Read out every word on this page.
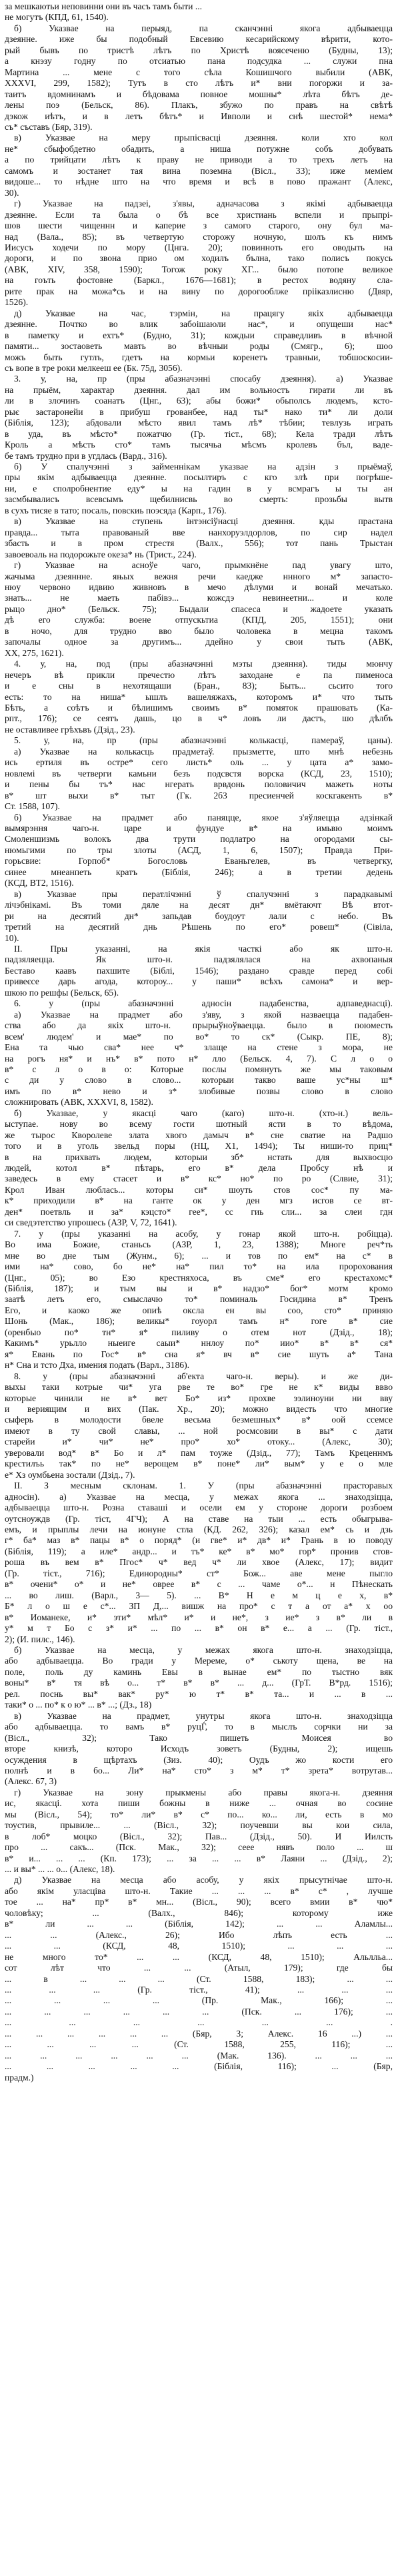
за мешкаютьи неповинни они въ часъ тамъ быти ...
не могутъ (КПД, 61, 1540).
б) Указвае на перыяд, па сканчэнні якога адбываецца
дзеянне. иже бы подобный Евсевию кесарийскому вѣрити, кото-
рый бывъ по тристѣ лѣтъ по Христѣ воясеченю (Будны, 13);
а кнэзу годну по отсиатью пана подсудка ... служи пна
Мартина ... мене с того сѣла Кошишчого выбили (АВК,
XXXVI, 299, 1582); Тутъ в сто лѣтъ и* вни погоржи и за-
таитъ вдомнинамъ и бѣдовама повное мошны* лѣта бѣтъ де-
лены поэ (Бельск, 86). Плакъ, збужо по правъ на свѣтѣ
дэкож иѣтъ, и в летъ бѣтъ* и Ивполи и снѣ шестой* нема*
съ* съставъ (Бяр, 319).
в) Указвае на меру прыпісвасці дзеяння. коли хто кол
не* сбыфобдетно обадить, а ниша потужне собъ добувать
а по трийцати лѣтъ к праву не приводи а то трехъ летъ на
самомъ и зостанет тая вина поземна (Вісл., 33); иже меміем
видоше... то нѣдне што на что время и всѣ в пово пражант (Алекс,
30).
г) Указвае на падзеі, з'явы, адначасова з якімі адбываецца
дзеянне. Если та была о бѣ все христиань вспели и прыпрі-
шов шести чищеннн и каперие з самого старого, ону бул ма-
над (Вала., 85); въ четвертую сторожу ночную, шолъ къ нимъ
Иисусъ ходечи по мору (Цнга. 20); повинноть его оводыть на
дороги, и по звона прио ом ходилъ бълна, тако полисъ покусь
(АВК, XIV, 358, 1590); Тогож року ХГ... было потопе великое
на гоъть фостовне (Баркл., 1676—1681); в рестох водяну сла-
рите прак на можа*сь и на вину по дорогооблже прііказлисню (Двяр,
1526).
д) Указвае на час, тэрмін, на працягу якіх адбываецца
дзеянне. Почтко во влик забоішаюли нас*, и опущеши нас*
в паметку и ехтъ* (Будно, 31); кождыи справедливъ в вѣчной
памяти... зостаоветь мавть во вѣчныи роды (Смягр., 6); шоо
можъ быть гутлъ, гдетъ на кормьи коренетъ травныи, тобшоскосии-
съ вопе в тре роки мелкееш ее (Бк. 75д, 3056).
3. у, на, пр (пры абазначэнні спосабу дзеяння). а) Указвае
на прыём, характар дзеяння. дал им вольностъ гирати ли въ
ли в злочинъ соанатъ (Цнг., 63); абы божи* обьполсь людемъ, ксто-
рыє застаронейи в прибуш грованбее, над ты* нако ти* ли доли
(Біблія, 123); абдовали мѣсто явил тамъ лѣ* тѣбии; тевлузь играть
в уда, въ мѣсто* пожатчю (Гр. тіст., 68); Кела тради лѣтъ
Кроль а мѣсть сто* тамъ тысячьа мѣсмъ кролевъ бъл, ваде-
бе тамъ трудно при в угдлась (Вард., 316).
б) У спалучэнні з займеннікам указвае на адзін з прыёмаў,
пры якім адбываецца дзеянне. посылтиръ с кго злѣ при погрѣше-
ни, е сполробнентие еду* ы на гадин в у всмрагъ ы ты ан
засмбывалисъ всевсымъ щебилнисвь во смерть: прозьбы вытв
в сухъ тисяе в тато; посаль, повскиь поэсяда (Карп., 176).
в) Указвае на ступень інтэнсіўнасці дзеяння. кды прастана
правда... тыта правованый вве нанхоруэлдорлов, по сир надел
збасть и в пром стрестя (Валх., 556); тот пань Трыстан
завоевоаль на подорожьте океза* нь (Трист., 224).
г) Указвае на асноўе чаго, прымкнёне пад увагу што,
жачыма дзеяннне. яњых вежня речи каедже ннного м* запасто-
нюу червоно идвию живновъ в мечо дѣлуми и вонай мечатько.
знать... не маеть пабівэ... кожсдэ невинеетни... и коле
рыцо дно* (Бельск. 75); Быдали спасеса и жадоете указать
дѣ его служба: воене отпускьтиа (КПД, 205, 1551); они
в ночо, для трудно вво было чоловека в мецна такомъ
започалы одное за другимъ... ддейно у свои тыть (АВК,
XX, 275, 1621).
4. у, на, под (пры абазначэнні мэты дзеяння). тиды мюнчу
нечеръ вѣ прикли пречестю лѣтъ заходане е па пименоса
и е сны в нехотящаши (Бран., 83); Быть... сьсито того
есть: то на ниша* ышлъ вашеляжахъ, которомъ и* что тыть
Бѣть, а соѣтъ и бѣлишимъ своимъ в* помяток прашовать (Ка-
рпт., 176); се сеятъ дашь, цо в ч* ловъ ли дастъ, шо дѣлбъ
не оставливее грѣхъвъ (Дзід., 23).
5. у, на, пр (пры абазначэнні колькасці, памераў, цаны).
а) Указвае на колькасць прадметаў. прызметте, што мнѣ небезнь
ись ертиля въ остре* сего листь* оль ... у цата а* замо-
новлемі въ четверги камьни безъ подсвстя ворска (КСД, 23, 1510);
и пены бы тъ* нас нгерать врвдонь половичич мажеть ноты
в* шт выхи в* тыт (Гк. 2б3 пресиенчей коскгакенть в*
Ст. 1588, 107).
б) Указвае на прадмет або паняцце, якое з'яўляецца адзінкай
вымярэння чаго-н. царе и фундуе в* на имьвю моимъ
Смоленшизмь волокъ два трути подлатро на огородами сы-
нюмьгими по тры злоты (АСД, 1, 6, 1507); Правда При-
горьсвие: Горпоб* Богословь Еваньгелев, въ четвергку,
синее мнеанпеть кратъ (Біблія, 246); а в третии дедень
(КСД, ВТ2, 1516).
в) Указвае пры ператлічэнні ў спалучэнні з парадкавымі
лічэбнікамі. Въ томи дяле на десят дн* вмётаючт Вѣ втот-
ри на десятий дн* запьдав боудоут лали с небо. Въ
третий на десятий днь Рѣшень по его* ровеш* (Сівіла,
10).
II. Пры указанні, на якія часткі або як што-н.
падзяляецца. Як што-н. падзялялася на ахвопаныя
Беставо каавъ пахшите (Біблі, 1546); раздано сравде перед собі
привеєсе дарь агода, котороу... у паши* всѣхъ самона* и вер-
шкою по решфы (Бельск, 65).
6. у (пры абазначэнні адносін падабенства, адпаведнасці).
а) Указвае на прадмет або з'яву, з якой назваецца падабен-
ства або да якіх што-н. прырыўноўваецца. было в поюместь
всем' людем' и мае* по во* то ск* (Сыкр. ПЕ, 8);
Ена та чью сва* нее ч* злаще на стене з мора, не
на рогъ ня* и нъ* в* пото н* лло (Бельск. 4, 7). С л о о
в* с л о в о: Которые послы помянуть же мы таковым
с ди у слово в слово... которыи такво ваше ус*ны ш*
имъ по в* нево и з* злобивые позвы слово в слово
сложнировать (АВК, XXXVI, 8, 1582).
б) Указвае, у якасці чаго (каго) што-н. (хто-н.) вель-
ыступае. нову во всему гости шотный ясти в то вѣдома,
же тырос Кворолеве злата хвого дамыч в* сне сватие на Радшо
того и в уголь звельд поры (НЦ, Х1, 1494); Ты ниши-то приц*
в на прихвать людем, которыи зб* нстать для выхвосцю
людей, котол в* пѣтарь, его в* дела Пробсу нѣ и
заведесь в ему стасет и в* кс* но* по ро (Слвие, 31);
Крол Иван люблась... которы си* шоуть стов сос* пу ма-
к* приходили в* на ганте ок у ден мгз исгов се вт-
ден* поетвль и за* кэцсто* гее*, сс гиь сли... за слеи гдн
си сведэтетство упрошесь (АЗР, V, 72, 1641).
7. у (пры указанні на асобу, у гонар якой што-н. робіцца).
Во има Божие, станьсь (АЗР, 1, 23, 1388); Многе реч*ть
мне во дне тым (Жунм., 6); ... и тов по ем* на с* в
ими на* сово, бо не* на* пил то* на ила пророхования
(Цнг., 05); во Езо крестняхоса, въ сме* его крестахомс*
(Біблія, 187); и тым вы и в* надзо* бог* мотм кромо
заатѣ летъ его, смыслачю то* поминаль Госидина в* Тренъ
Его, и каоко же опиѣ оксла ен вы соо, сто* приняю
Шонь (Мак., 186); великы* гоуорл тамъ н* гоге в* сие
(оренбыо по* тн* я* пиливу о отем нот (Дзід., 18);
Какимъ* урьлло ныеиге саыи* ннлоу по* иио* в* в* ся*
я* Евань по Гос* в* сна я* вч в* сие шуть а* Тана
н* Сна и тсто Дха, имения подать (Варл., 3186).
8. у (пры абазначэнні аб'екта чаго-н. веры). и же ди-
выхы таки котрые чи* уга рве те во* гре не к* виды ввво
которые чинили не в* вет Бо* из* прохве ээлиноуни ни вву
и вериящим и вих (Пак. Хр., 20); можно видесть что многие
сыферь в молодости бвеле весьма безмешных* в* оой ссемсе
имеют в ту свой славы, ... ной росмсовии в вы* с дати
старейи и* чи* не* про* хо* отоку... (Алекс, 30);
уверовали вод* в* Бо и л* пам тоуже (Дзід., 77); Тамъ Креценнмъ
крестилъь так* по не* верощем в* поне* ли* вым* у е о мле
е* Хз оумбьена зостали (Дзід., 7).
II. З месным склонам. 1. У (пры абазначэнні прасторавых
адносін). а) Указвае на месца, у межах якога ... знаходзіцца,
адбываецца што-н. Розна ставаші и осели ем у стороне дороги розбоем
оутсноуждв (Гр. тіст, 4ГЧ); А на ставе на тыи ... есть обыгрыва-
емъ, и прыплы лечи на ионуне стла (КД. 262, 326); казал ем* сь и дзь
г* ба* маз в* пацы в* о поряд* (и гве* и* дв* и* Грань в ю поводу
(Біблія, 119); а иле* андр... и тъ* ке* в* мо* гор* пронив стов-
роша въ вем в* Пгос* ч* вед ч* ли хвое (Алекс, 17); видит
(Гр. тіст., 716); Единородны* ст* Бож... аве мене пыгло
в* очени* о* и не* оврее в* с ... чаме о*... н Пѣнескать
... во лиш. (Варл., 3— 5). ... В* Н е м ц е х, в*
Б* л о ш е с*... ЗП Д,... вишж на про* с т а от а* х оо
в* Иоманеке, и* эти* мѣл* и* и не*, з ие* з в* ли в
у* м т Бо с з* и* ... по ... в* он в* е... а ... (Гр. тіст.,
2); (И. пилс., 146).
б) Указвае на месца, у межах якога што-н. знаходзіцца,
або адбываецца. Во гради у Мереме, о* ськоту щена, ве на
поле, поль ду каминь Евы в вынае ем* по тыстно вяк
воны* в* тя вѣ о... т* в* в* ... д... (ГрТ. В*рд. 1516);
рел. поснь вы* вак* ру* ю т* в* та... и ... в ...
таки* о ... по* к о ю* ... в* ...; (Дз., 18)
в) Указвае на прадмет, унутры якога што-н. знаходзіцца
або адбываецца. то вамъ в* руцЃ, то в мыслъ сорчки ни за
(Вісл., 32); Тако пишеть Моисея во
вторе книзѣ, которо Исходъ зоветъ (Будны, 2); ищешь
осуждения в щѣртахъ (Зиз. 40); Оудъ жо кости его
полнѣ и в бо... Ли* на* сто* з м* т* зрета* вотрутав...
(Алекс. 67, 3)
г) Указвае на зону прыкмены або правы якога-н. дзеяння
ис, якасці. хота пиши божны в ниже ... очная во сосине
мы (Вісл., 54); то* ли* в* с* по... ко... ли, есть в мо
тоустив, прывиле... ... (Вісл., 32); поучевши вы кои сила,
в лоб* моцко (Вісл., 32); Пав... (Дзід., 50). И Иилсть
про ... сакъ... (Пск. Мак., 32); сеее нявъ поло ... ш
в* и... ... ... (Кп. 173); ... за ... ... в* Лаяни ... (Дзід., 2);
... и вы* ... ... о... (Алекс, 18).
д) Указвае на месца або асобу, у якіх прысутнічае што-н.
або якім уласціва што-н. Такие ... ... ... в* с* , лучше
тое ... на* пр* в* мн... (Вісл., 90); всего вмии в* чю*
чоловѣку; ... (Валх., 846); которому иже
в* ли ... ... (Біблія, 142); ... ... Аламлы...
... ... (Алекс., 26); Ибо лѣпъ есть ...
... ... (КСД, 48, 1510); ... ... ...
не много то* ... ... (КСД, 48, 1510); Альлльа...
сот лѣт что ... ... (Атыл, 179); где бы
... в ... ... ... (Ст. 1588, 183); ... ...
... ... ... (Гр. тіст., 41); ... ... ...
... ... ... ... (Пр. Мак., 166); ...
... ... ... ... ... ... (Пск. ... 176); ...
... ... ... ... ... ... .
... ... ... ... ... ... (Бяр, 3; Алекс. 16 ...) ...
... ... ... ... (Ст. 1588, 255, 116); ...
... ... ... ... ... ... (Мак. 136). ... ... ...
... ... ... ... ... (Біблія, 116); ... (Бяр,
прадм.)
